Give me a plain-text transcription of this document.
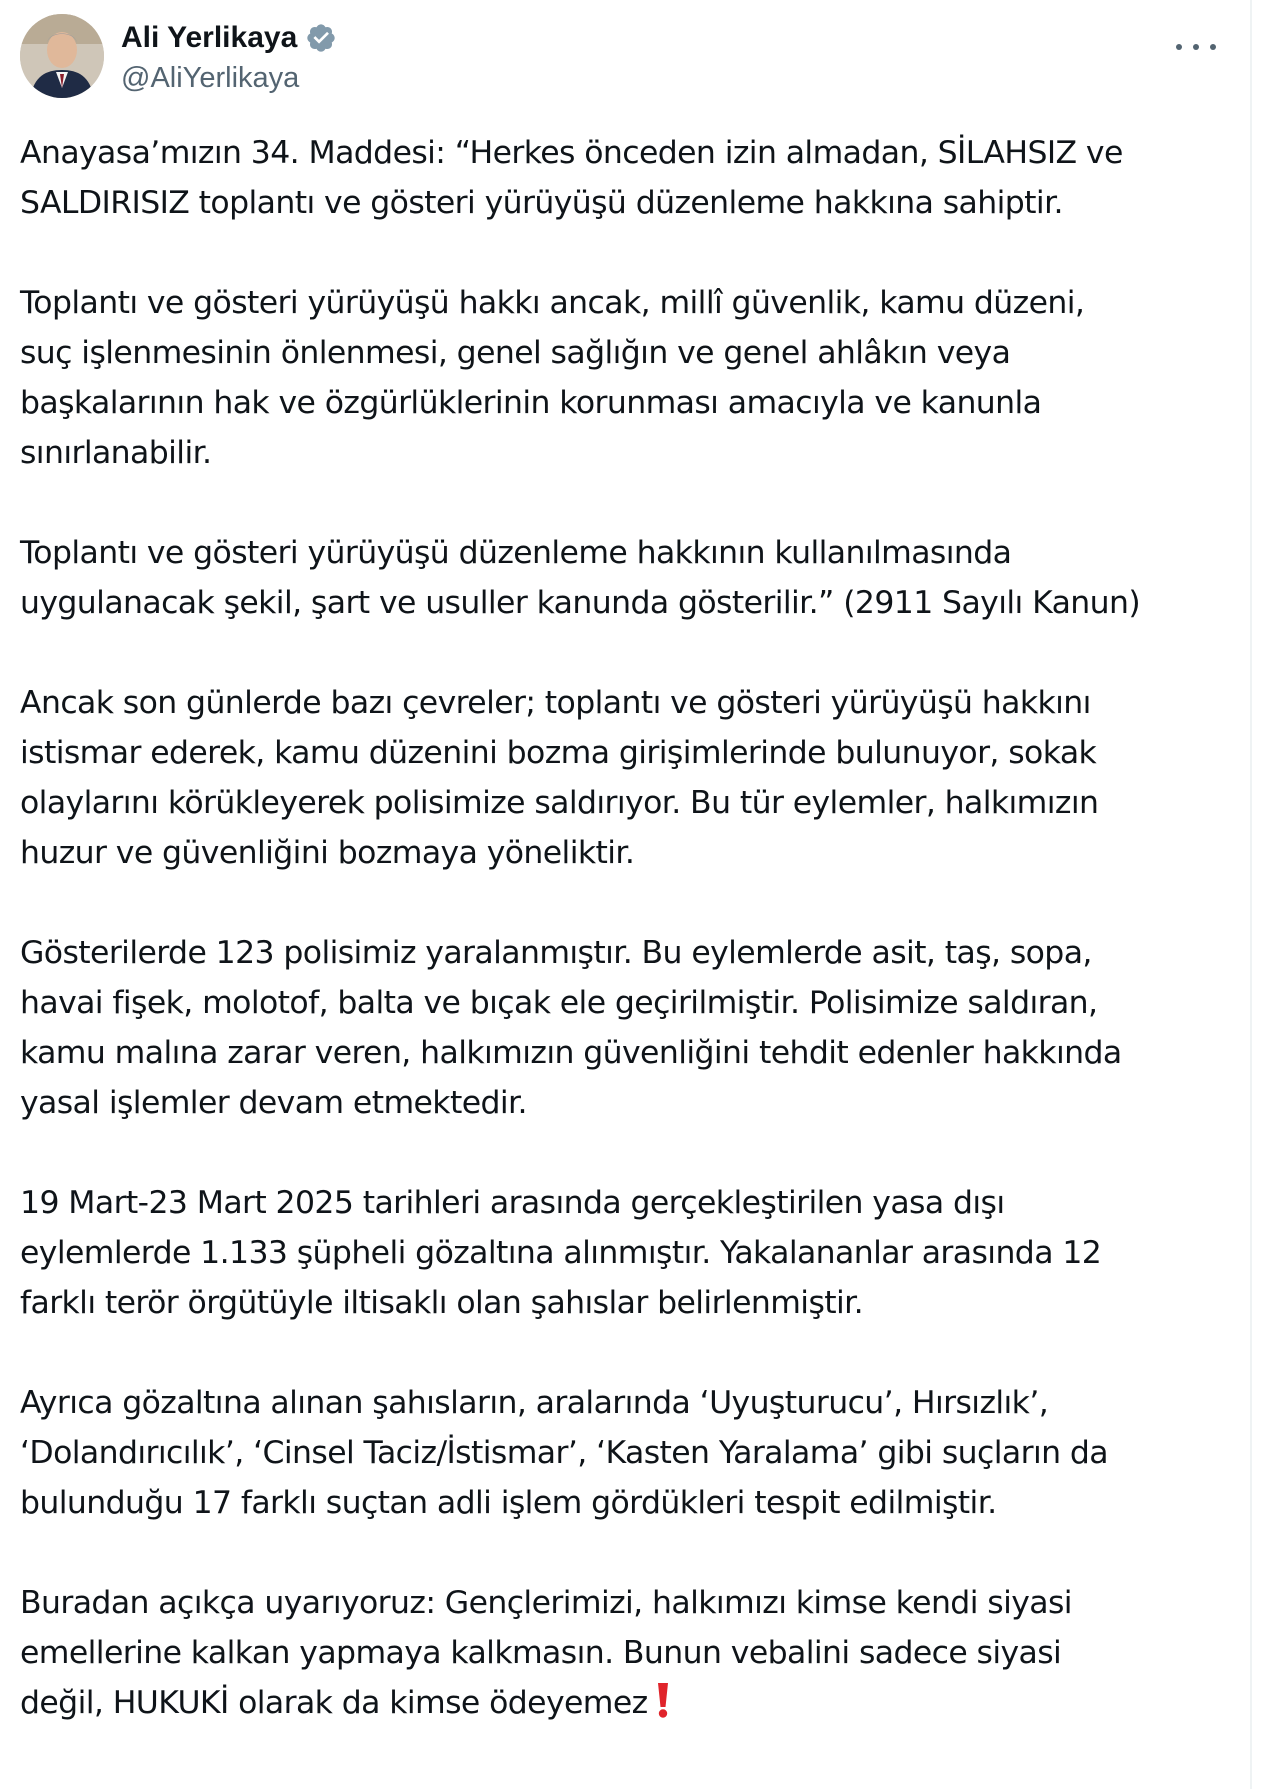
Ali Yerlikaya
@AliYerlikaya

Anayasa’mızın 34. Maddesi: “Herkes önceden izin almadan, SİLAHSIZ ve
SALDIRISIZ toplantı ve gösteri yürüyüşü düzenleme hakkına sahiptir.

Toplantı ve gösteri yürüyüşü hakkı ancak, millî güvenlik, kamu düzeni,
suç işlenmesinin önlenmesi, genel sağlığın ve genel ahlâkın veya
başkalarının hak ve özgürlüklerinin korunması amacıyla ve kanunla
sınırlanabilir.

Toplantı ve gösteri yürüyüşü düzenleme hakkının kullanılmasında
uygulanacak şekil, şart ve usuller kanunda gösterilir.” (2911 Sayılı Kanun)

Ancak son günlerde bazı çevreler; toplantı ve gösteri yürüyüşü hakkını
istismar ederek, kamu düzenini bozma girişimlerinde bulunuyor, sokak
olaylarını körükleyerek polisimize saldırıyor. Bu tür eylemler, halkımızın
huzur ve güvenliğini bozmaya yöneliktir.

Gösterilerde 123 polisimiz yaralanmıştır. Bu eylemlerde asit, taş, sopa,
havai fişek, molotof, balta ve bıçak ele geçirilmiştir. Polisimize saldıran,
kamu malına zarar veren, halkımızın güvenliğini tehdit edenler hakkında
yasal işlemler devam etmektedir.

19 Mart-23 Mart 2025 tarihleri arasında gerçekleştirilen yasa dışı
eylemlerde 1.133 şüpheli gözaltına alınmıştır. Yakalananlar arasında 12
farklı terör örgütüyle iltisaklı olan şahıslar belirlenmiştir.

Ayrıca gözaltına alınan şahısların, aralarında ‘Uyuşturucu’, Hırsızlık’,
‘Dolandırıcılık’, ‘Cinsel Taciz/İstismar’, ‘Kasten Yaralama’ gibi suçların da
bulunduğu 17 farklı suçtan adli işlem gördükleri tespit edilmiştir.

Buradan açıkça uyarıyoruz: Gençlerimizi, halkımızı kimse kendi siyasi
emellerine kalkan yapmaya kalkmasın. Bunun vebalini sadece siyasi
değil, HUKUKİ olarak da kimse ödeyemez
